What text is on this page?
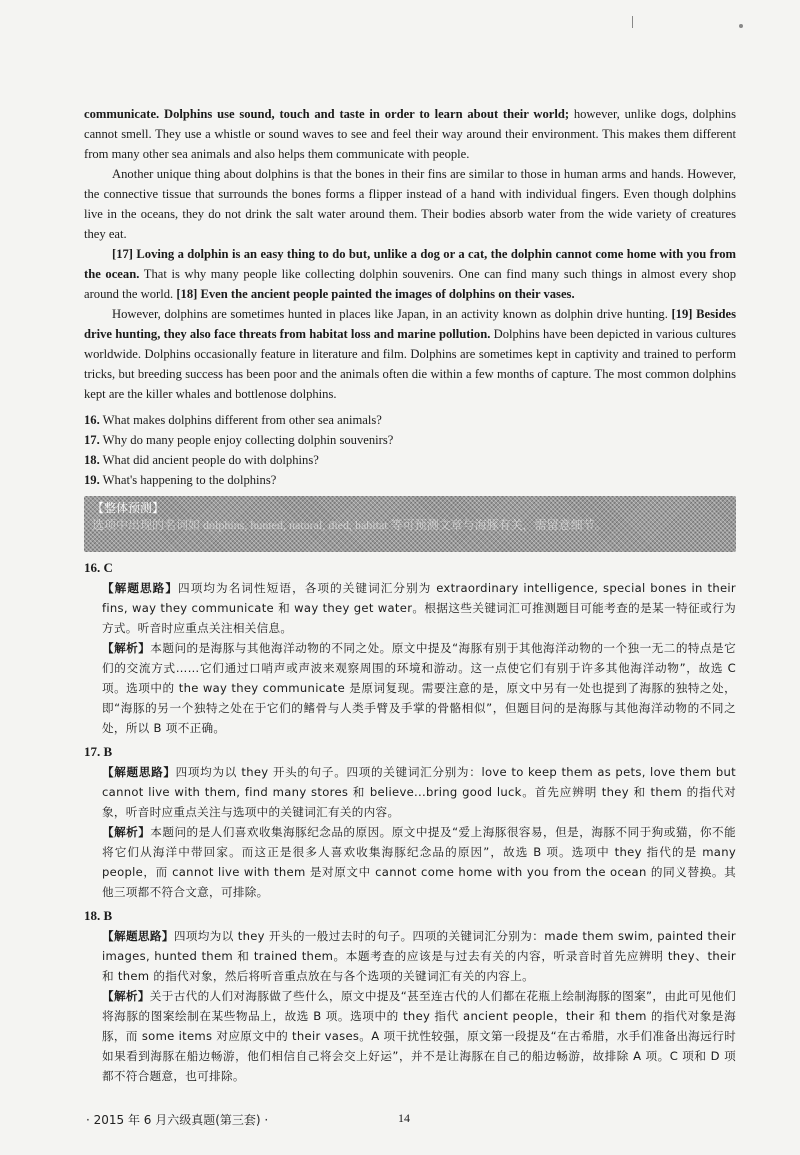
communicate. Dolphins use sound, touch and taste in order to learn about their world; however, unlike dogs, dolphins cannot smell. They use a whistle or sound waves to see and feel their way around their environment. This makes them different from many other sea animals and also helps them communicate with people.

Another unique thing about dolphins is that the bones in their fins are similar to those in human arms and hands. However, the connective tissue that surrounds the bones forms a flipper instead of a hand with individual fingers. Even though dolphins live in the oceans, they do not drink the salt water around them. Their bodies absorb water from the wide variety of creatures they eat.

[17] Loving a dolphin is an easy thing to do but, unlike a dog or a cat, the dolphin cannot come home with you from the ocean. That is why many people like collecting dolphin souvenirs. One can find many such things in almost every shop around the world. [18] Even the ancient people painted the images of dolphins on their vases.

However, dolphins are sometimes hunted in places like Japan, in an activity known as dolphin drive hunting. [19] Besides drive hunting, they also face threats from habitat loss and marine pollution. Dolphins have been depicted in various cultures worldwide. Dolphins occasionally feature in literature and film. Dolphins are sometimes kept in captivity and trained to perform tricks, but breeding success has been poor and the animals often die within a few months of capture. The most common dolphins kept are the killer whales and bottlenose dolphins.

16. What makes dolphins different from other sea animals?
17. Why do many people enjoy collecting dolphin souvenirs?
18. What did ancient people do with dolphins?
19. What's happening to the dolphins?
【整体预测】
选项中出现的名词如 dolphins, hunted, natural, died, habitat 等可预测文章与海豚有关，需留意细节。
16. C

【解题思路】四项均为名词性短语，各项的关键词汇分别为 extraordinary intelligence, special bones in their fins, way they communicate 和 way they get water。根据这些关键词汇可推测题目可能考查的是某一特征或行为方式。听音时应重点关注相关信息。

【解析】本题问的是海豚与其他海洋动物的不同之处。原文中提及“海豚有别于其他海洋动物的一个独一无二的特点是它们的交流方式……它们通过口哨声或声波来观察周围的环境和游动。这一点使它们有别于许多其他海洋动物”，故选 C 项。选项中的 the way they communicate 是原词复现。需要注意的是，原文中另有一处也提到了海豚的独特之处，即“海豚的另一个独特之处在于它们的鳍骨与人类手臂及手掌的骨骼相似”，但题目问的是海豚与其他海洋动物的不同之处，所以 B 项不正确。

17. B

【解题思路】四项均为以 they 开头的句子。四项的关键词汇分别为：love to keep them as pets, love them but cannot live with them, find many stores 和 believe...bring good luck。首先应辨明 they 和 them 的指代对象，听音时应重点关注与选项中的关键词汇有关的内容。

【解析】本题问的是人们喜欢收集海豚纪念品的原因。原文中提及“爱上海豚很容易，但是，海豚不同于狗或猫，你不能将它们从海洋中带回家。而这正是很多人喜欢收集海豚纪念品的原因”，故选 B 项。选项中 they 指代的是 many people，而 cannot live with them 是对原文中 cannot come home with you from the ocean 的同义替换。其他三项都不符合文意，可排除。

18. B

【解题思路】四项均为以 they 开头的一般过去时的句子。四项的关键词汇分别为：made them swim, painted their images, hunted them 和 trained them。本题考查的应该是与过去有关的内容，听录音时首先应辨明 they、their 和 them 的指代对象，然后将听音重点放在与各个选项的关键词汇有关的内容上。

【解析】关于古代的人们对海豚做了些什么，原文中提及“甚至连古代的人们都在花瓶上绘制海豚的图案”，由此可见他们将海豚的图案绘制在某些物品上，故选 B 项。选项中的 they 指代 ancient people，their 和 them 的指代对象是海豚，而 some items 对应原文中的 their vases。A 项干扰性较强，原文第一段提及“在古希腊，水手们准备出海远行时如果看到海豚在船边畅游，他们相信自己将会交上好运”，并不是让海豚在自己的船边畅游，故排除 A 项。C 项和 D 项都不符合题意，也可排除。

· 2015 年 6 月六级真题(第三套) ·	14
